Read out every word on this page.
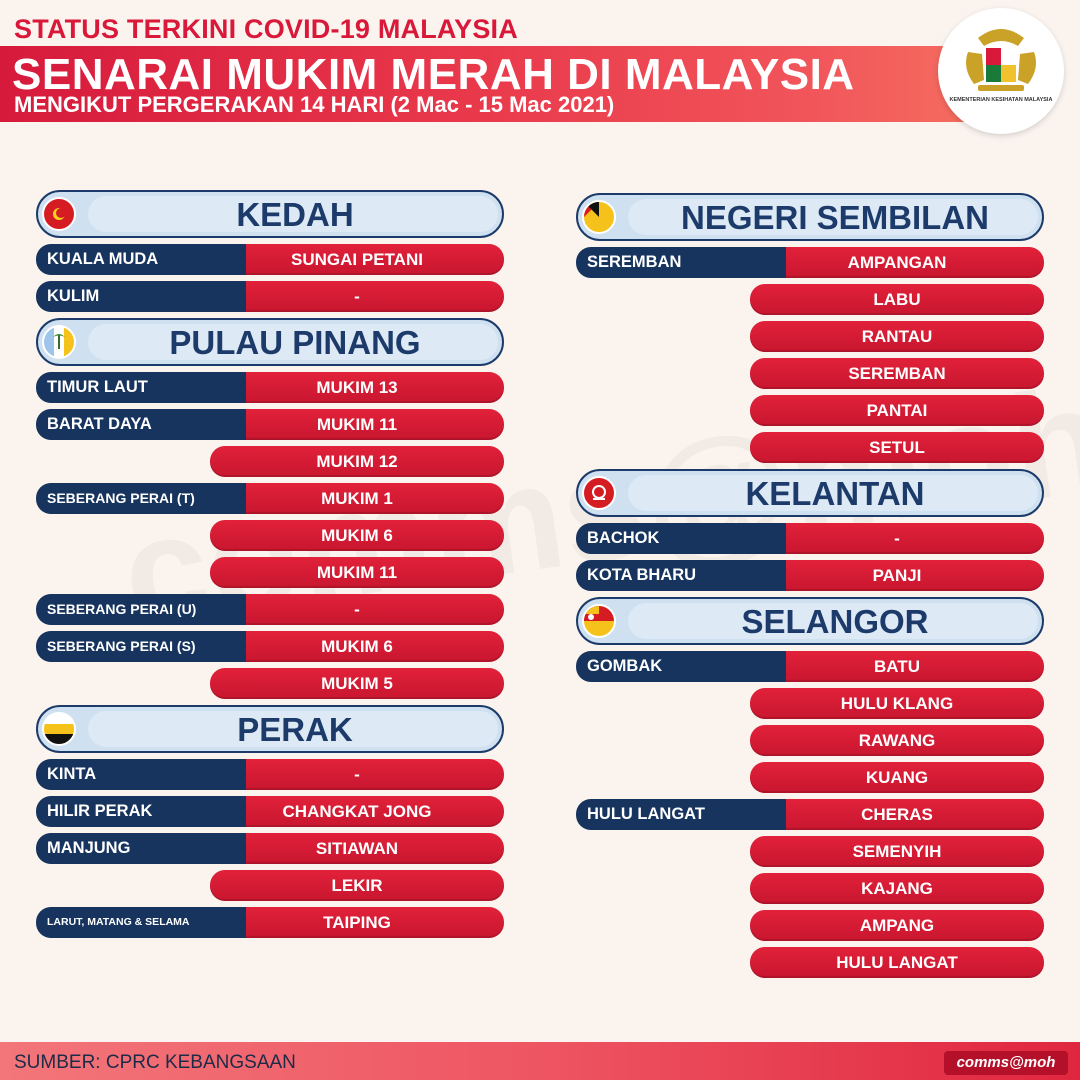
STATUS TERKINI COVID-19 MALAYSIA
SENARAI MUKIM MERAH DI MALAYSIA
MENGIKUT PERGERAKAN 14 HARI (2 Mac - 15 Mac 2021)	KEMENTERIAN KESIHATAN MALAYSIA
KEDAH
SUNGAI PETANI
KUALA MUDA
-
KULIM
PULAU PINANG
MUKIM 13
TIMUR LAUT
MUKIM 11
BARAT DAYA
MUKIM 12
MUKIM 1
SEBERANG PERAI (T)
MUKIM 6
MUKIM 11
-
SEBERANG PERAI (U)
MUKIM 6
SEBERANG PERAI (S)
MUKIM 5
PERAK
-
KINTA
CHANGKAT JONG
HILIR PERAK
SITIAWAN
MANJUNG
LEKIR
TAIPING
LARUT, MATANG & SELAMA
NEGERI SEMBILAN
AMPANGAN
SEREMBAN
LABU
RANTAU
SEREMBAN
PANTAI
SETUL
KELANTAN
-
BACHOK
PANJI
KOTA BHARU
SELANGOR
BATU
GOMBAK
HULU KLANG
RAWANG
KUANG
CHERAS
HULU LANGAT
SEMENYIH
KAJANG
AMPANG
HULU LANGAT
SUMBER: CPRC KEBANGSAAN	comms@moh
